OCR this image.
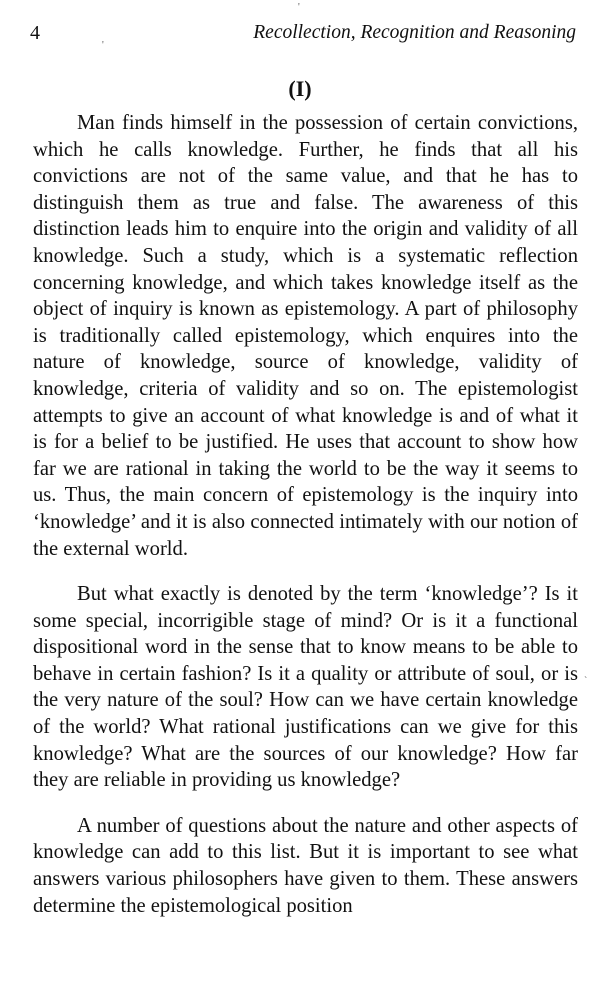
4	Recollection, Recognition and Reasoning
(I)

Man finds himself in the possession of certain convictions, which he calls knowledge. Further, he finds that all his convictions are not of the same value, and that he has to distinguish them as true and false. The awareness of this distinction leads him to enquire into the origin and validity of all knowledge. Such a study, which is a systematic reflection concerning knowledge, and which takes knowledge itself as the object of inquiry is known as epistemology. A part of philosophy is traditionally called epistemology, which enquires into the nature of knowledge, source of knowledge, validity of knowledge, criteria of validity and so on. The epistemologist attempts to give an account of what knowledge is and of what it is for a belief to be justified. He uses that account to show how far we are rational in taking the world to be the way it seems to us. Thus, the main concern of epistemology is the inquiry into ‘knowledge’ and it is also connected intimately with our notion of the external world.

But what exactly is denoted by the term ‘knowledge’? Is it some special, incorrigible stage of mind? Or is it a functional dispositional word in the sense that to know means to be able to behave in certain fashion? Is it a quality or attribute of soul, or is the very nature of the soul? How can we have certain knowledge of the world? What rational justifications can we give for this knowledge? What are the sources of our knowledge? How far they are reliable in providing us knowledge?

A number of questions about the nature and other aspects of knowledge can add to this list. But it is important to see what answers various philosophers have given to them. These answers determine the epistemological position

'
'
`
